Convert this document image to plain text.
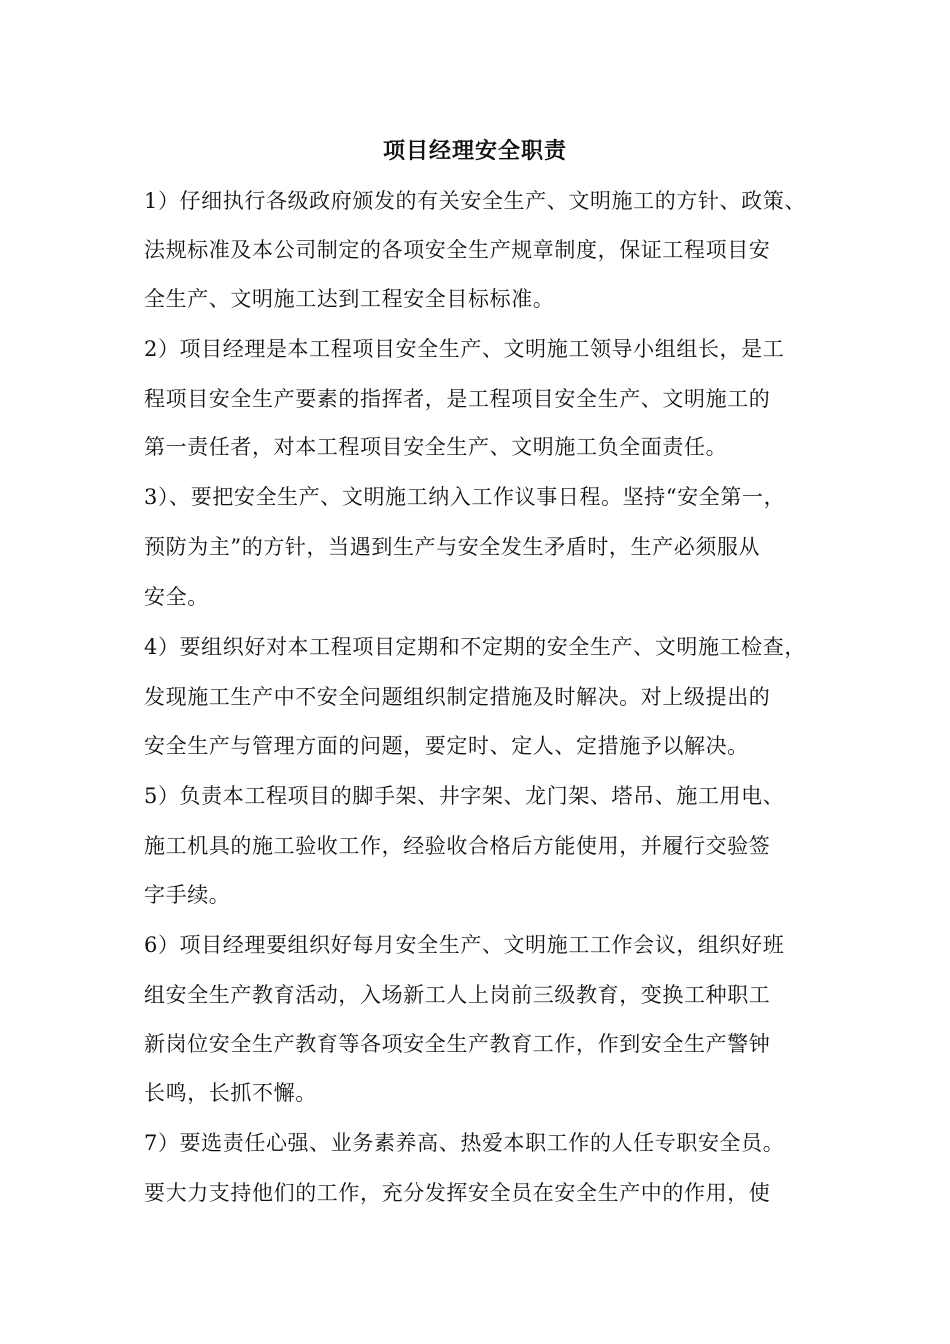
项目经理安全职责
1）仔细执行各级政府颁发的有关安全生产、文明施工的方针、政策、
法规标准及本公司制定的各项安全生产规章制度，保证工程项目安
全生产、文明施工达到工程安全目标标准。
2）项目经理是本工程项目安全生产、文明施工领导小组组长，是工
程项目安全生产要素的指挥者，是工程项目安全生产、文明施工的
第一责任者，对本工程项目安全生产、文明施工负全面责任。
3）、要把安全生产、文明施工纳入工作议事日程。坚持“安全第一，
预防为主”的方针，当遇到生产与安全发生矛盾时，生产必须服从
安全。
4）要组织好对本工程项目定期和不定期的安全生产、文明施工检查，
发现施工生产中不安全问题组织制定措施及时解决。对上级提出的
安全生产与管理方面的问题，要定时、定人、定措施予以解决。
5）负责本工程项目的脚手架、井字架、龙门架、塔吊、施工用电、
施工机具的施工验收工作，经验收合格后方能使用，并履行交验签
字手续。
6）项目经理要组织好每月安全生产、文明施工工作会议，组织好班
组安全生产教育活动，入场新工人上岗前三级教育，变换工种职工
新岗位安全生产教育等各项安全生产教育工作，作到安全生产警钟
长鸣，长抓不懈。
7）要选责任心强、业务素养高、热爱本职工作的人任专职安全员。
要大力支持他们的工作，充分发挥安全员在安全生产中的作用，使
